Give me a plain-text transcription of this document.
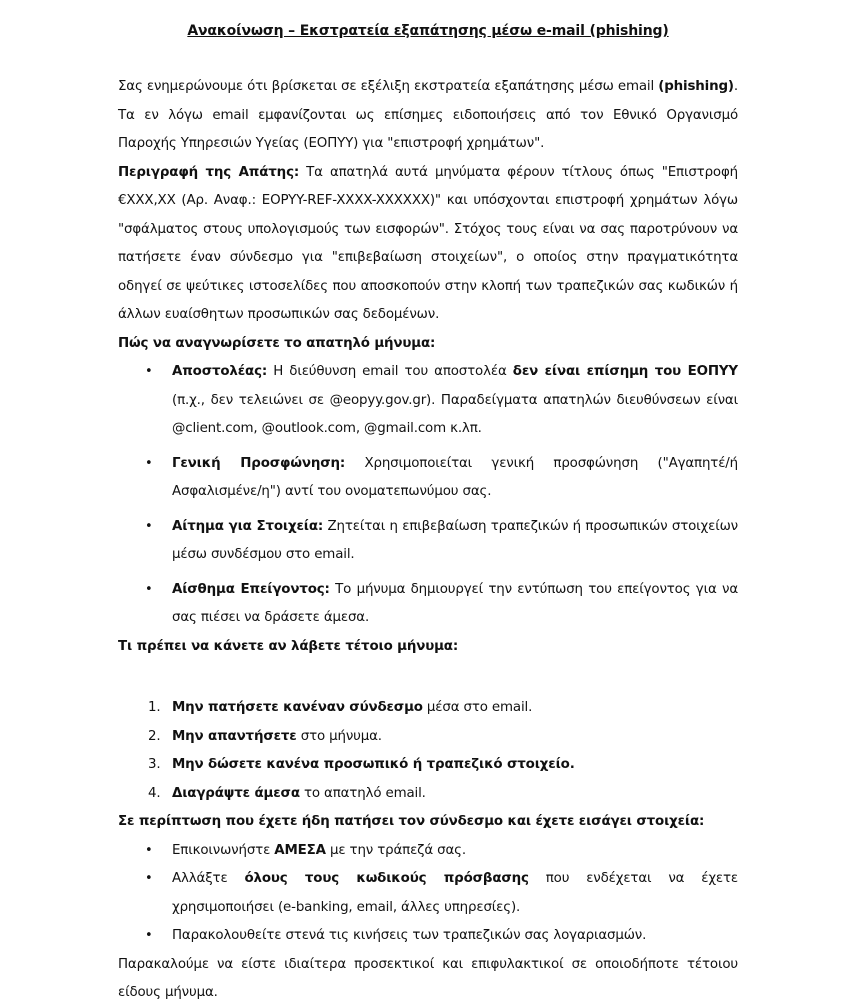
Ανακοίνωση – Εκστρατεία εξαπάτησης μέσω e-mail (phishing)

Σας ενημερώνουμε ότι βρίσκεται σε εξέλιξη εκστρατεία εξαπάτησης μέσω email (phishing). Τα εν λόγω email εμφανίζονται ως επίσημες ειδοποιήσεις από τον Εθνικό Οργανισμό Παροχής Υπηρεσιών Υγείας (ΕΟΠΥΥ) για "επιστροφή χρημάτων".

Περιγραφή της Απάτης: Τα απατηλά αυτά μηνύματα φέρουν τίτλους όπως "Επιστροφή €XXX,XX (Αρ. Αναφ.: EOPYY-REF-XXXX-XXXXXX)" και υπόσχονται επιστροφή χρημάτων λόγω "σφάλματος στους υπολογισμούς των εισφορών". Στόχος τους είναι να σας παροτρύνουν να πατήσετε έναν σύνδεσμο για "επιβεβαίωση στοιχείων", ο οποίος στην πραγματικότητα οδηγεί σε ψεύτικες ιστοσελίδες που αποσκοπούν στην κλοπή των τραπεζικών σας κωδικών ή άλλων ευαίσθητων προσωπικών σας δεδομένων.

Πώς να αναγνωρίσετε το απατηλό μήνυμα:
• Αποστολέας: Η διεύθυνση email του αποστολέα δεν είναι επίσημη του ΕΟΠΥΥ (π.χ., δεν τελειώνει σε @eopyy.gov.gr). Παραδείγματα απατηλών διευθύνσεων είναι @client.com, @outlook.com, @gmail.com κ.λπ.
• Γενική Προσφώνηση: Χρησιμοποιείται γενική προσφώνηση ("Αγαπητέ/ή Ασφαλισμένε/η") αντί του ονοματεπωνύμου σας.
• Αίτημα για Στοιχεία: Ζητείται η επιβεβαίωση τραπεζικών ή προσωπικών στοιχείων μέσω συνδέσμου στο email.
• Αίσθημα Επείγοντος: Το μήνυμα δημιουργεί την εντύπωση του επείγοντος για να σας πιέσει να δράσετε άμεσα.
Τι πρέπει να κάνετε αν λάβετε τέτοιο μήνυμα:
1. Μην πατήσετε κανέναν σύνδεσμο μέσα στο email.
2. Μην απαντήσετε στο μήνυμα.
3. Μην δώσετε κανένα προσωπικό ή τραπεζικό στοιχείο.
4. Διαγράψτε άμεσα το απατηλό email.
Σε περίπτωση που έχετε ήδη πατήσει τον σύνδεσμο και έχετε εισάγει στοιχεία:
• Επικοινωνήστε ΑΜΕΣΑ με την τράπεζά σας.
• Αλλάξτε όλους τους κωδικούς πρόσβασης που ενδέχεται να έχετε χρησιμοποιήσει (e-banking, email, άλλες υπηρεσίες).
• Παρακολουθείτε στενά τις κινήσεις των τραπεζικών σας λογαριασμών.

Παρακαλούμε να είστε ιδιαίτερα προσεκτικοί και επιφυλακτικοί σε οποιοδήποτε τέτοιου είδους μήνυμα.
